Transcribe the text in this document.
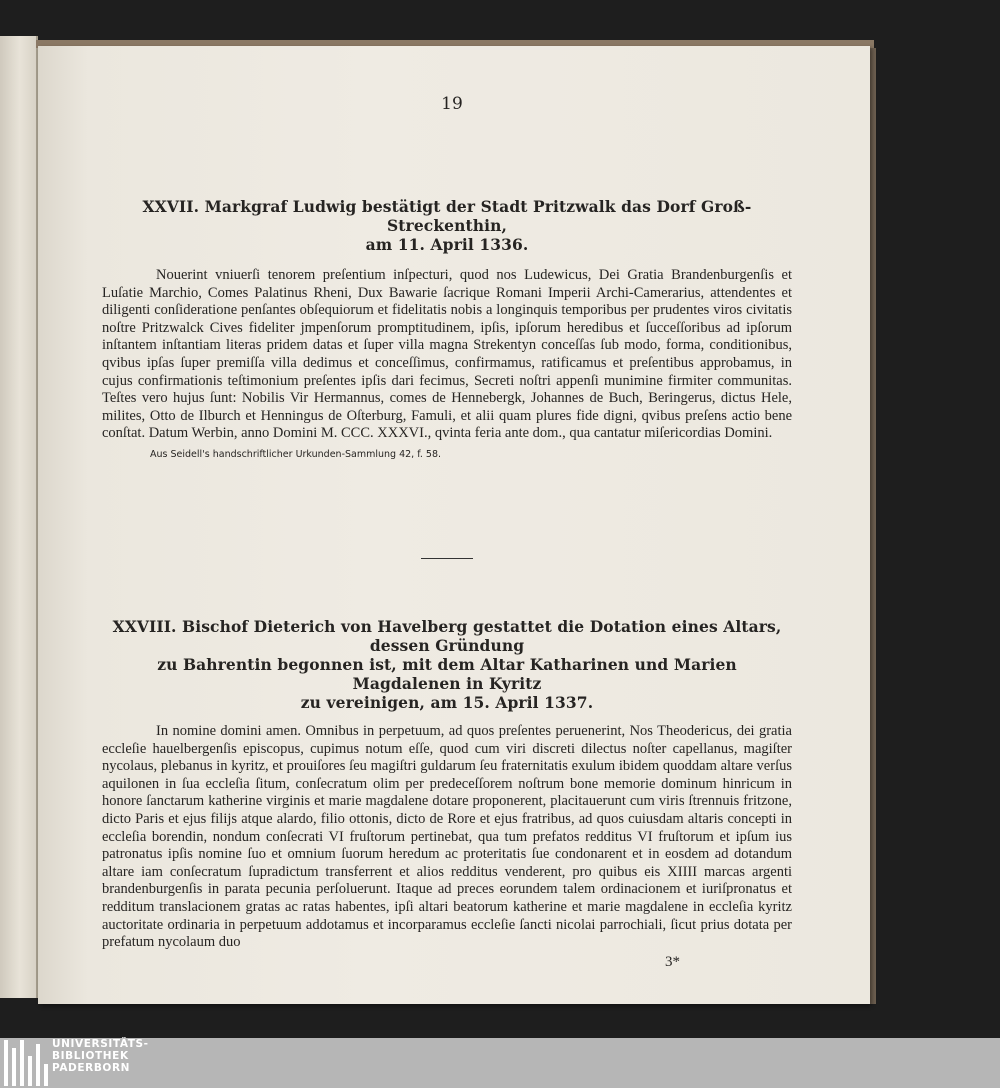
19
XXVII. Markgraf Ludwig bestätigt der Stadt Pritzwalk das Dorf Groß-Streckenthin,
am 11. April 1336.
Nouerint vniuerſi tenorem preſentium inſpecturi, quod nos Ludewicus, Dei Gratia Brandenburgenſis et Luſatie Marchio, Comes Palatinus Rheni, Dux Bawarie ſacrique Romani Imperii Archi-Camerarius, attendentes et diligenti conſideratione penſantes obſequiorum et fidelitatis nobis a longinquis temporibus per prudentes viros civitatis noſtre Pritzwalck Cives fideliter jmpenſorum promptitudinem, ipſis, ipſorum heredibus et ſucceſſoribus ad ipſorum inſtantem inſtantiam literas pridem datas et ſuper villa magna Strekentyn conceſſas ſub modo, forma, conditionibus, qvibus ipſas ſuper premiſſa villa dedimus et conceſſimus, confirmamus, ratificamus et preſentibus approbamus, in cujus confirmationis teſtimonium preſentes ipſis dari fecimus, Secreti noſtri appenſi munimine firmiter communitas. Teſtes vero hujus ſunt: Nobilis Vir Hermannus, comes de Hennebergk, Johannes de Buch, Beringerus, dictus Hele, milites, Otto de Ilburch et Henningus de Oſterburg, Famuli, et alii quam plures fide digni, qvibus preſens actio bene conſtat. Datum Werbin, anno Domini M. CCC. XXXVI., qvinta feria ante dom., qua cantatur miſericordias Domini.
Aus Seidell's handschriftlicher Urkunden-Sammlung 42, f. 58.
XXVIII. Bischof Dieterich von Havelberg gestattet die Dotation eines Altars, dessen Gründung
zu Bahrentin begonnen ist, mit dem Altar Katharinen und Marien Magdalenen in Kyritz
zu vereinigen, am 15. April 1337.
In nomine domini amen. Omnibus in perpetuum, ad quos preſentes peruenerint, Nos Theodericus, dei gratia eccleſie hauelbergenſis episcopus, cupimus notum eſſe, quod cum viri discreti dilectus noſter capellanus, magiſter nycolaus, plebanus in kyritz, et prouiſores ſeu magiſtri guldarum ſeu fraternitatis exulum ibidem quoddam altare verſus aquilonen in ſua eccleſia ſitum, conſecratum olim per predeceſſorem noſtrum bone memorie dominum hinricum in honore ſanctarum katherine virginis et marie magdalene dotare proponerent, placitauerunt cum viris ſtrennuis fritzone, dicto Paris et ejus filijs atque alardo, filio ottonis, dicto de Rore et ejus fratribus, ad quos cuiusdam altaris concepti in eccleſia borendin, nondum conſecrati VI fruſtorum pertinebat, qua tum prefatos redditus VI fruſtorum et ipſum ius patronatus ipſis nomine ſuo et omnium ſuorum heredum ac proteritatis ſue condonarent et in eosdem ad dotandum altare iam conſecratum ſupradictum transferrent et alios redditus venderent, pro quibus eis XIIII marcas argenti brandenburgenſis in parata pecunia perſoluerunt. Itaque ad preces eorundem talem ordinacionem et iuriſpronatus et redditum translacionem gratas ac ratas habentes, ipſi altari beatorum katherine et marie magdalene in eccleſia kyritz auctoritate ordinaria in perpetuum addotamus et incorparamus eccleſie ſancti nicolai parrochiali, ſicut prius dotata per prefatum nycolaum duo
3*
UNIVERSITÄTS-
BIBLIOTHEK
PADERBORN
